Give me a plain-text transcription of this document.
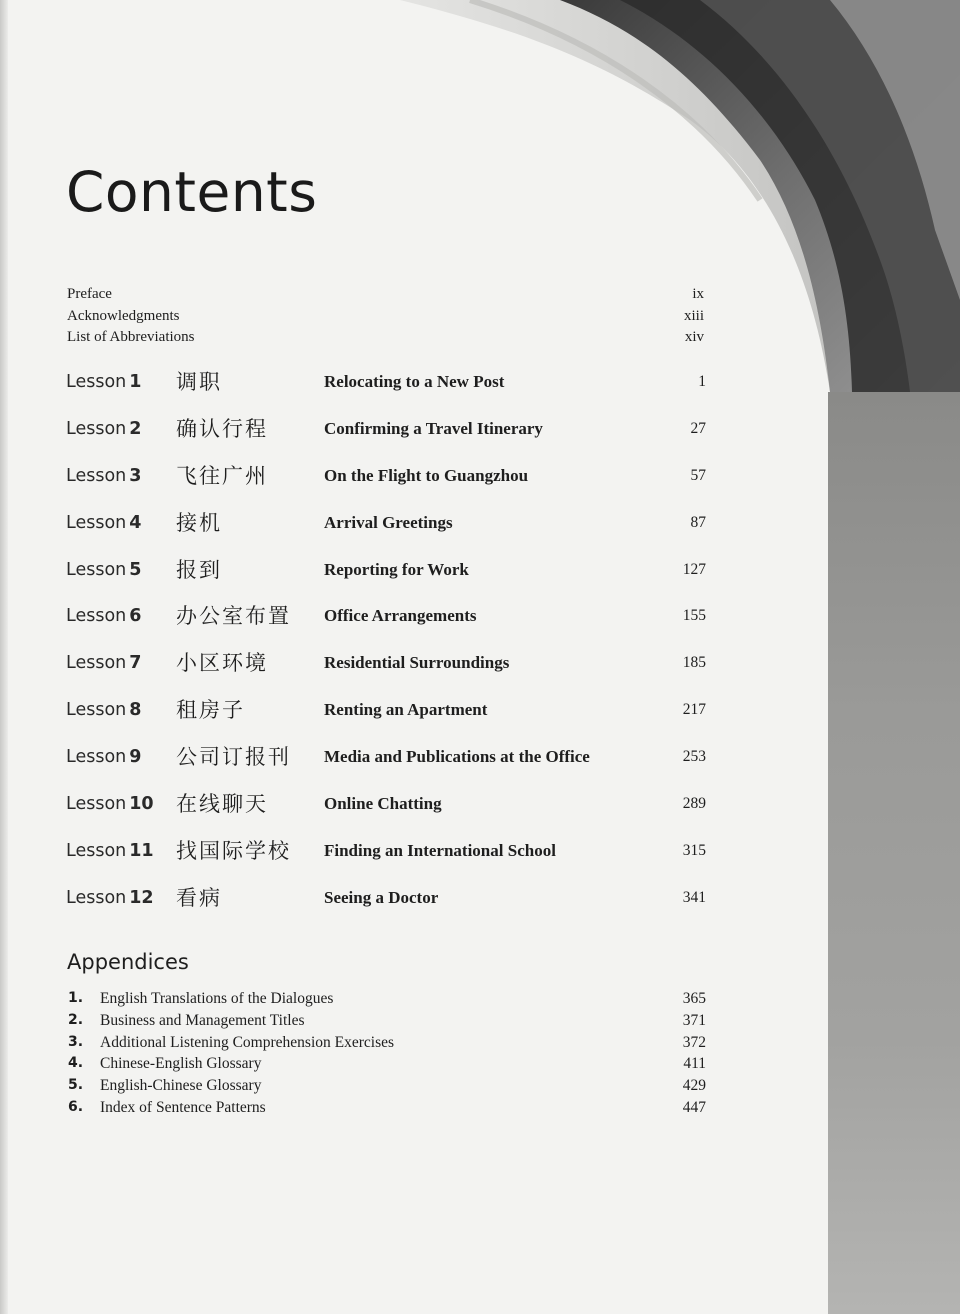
Contents
Preface	ix
Acknowledgments	xiii
List of Abbreviations	xiv
Lesson 1 调职	Relocating to a New Post	1
Lesson 2 确认行程	Confirming a Travel Itinerary	27
Lesson 3 飞往广州	On the Flight to Guangzhou	57
Lesson 4 接机	Arrival Greetings	87
Lesson 5 报到	Reporting for Work	127
Lesson 6 办公室布置 Office Arrangements	155
Lesson 7 小区环境	Residential Surroundings	185
Lesson 8 租房子	Renting an Apartment	217
Lesson 9 公司订报刊 Media and Publications at the Office	253
Lesson 10 在线聊天	Online Chatting	289
Lesson 11 找国际学校 Finding an International School	315
Lesson 12 看病	Seeing a Doctor	341
Appendices
1. English Translations of the Dialogues	365
2. Business and Management Titles	371
3. Additional Listening Comprehension Exercises	372
4. Chinese-English Glossary	411
5. English-Chinese Glossary	429
6. Index of Sentence Patterns	447
